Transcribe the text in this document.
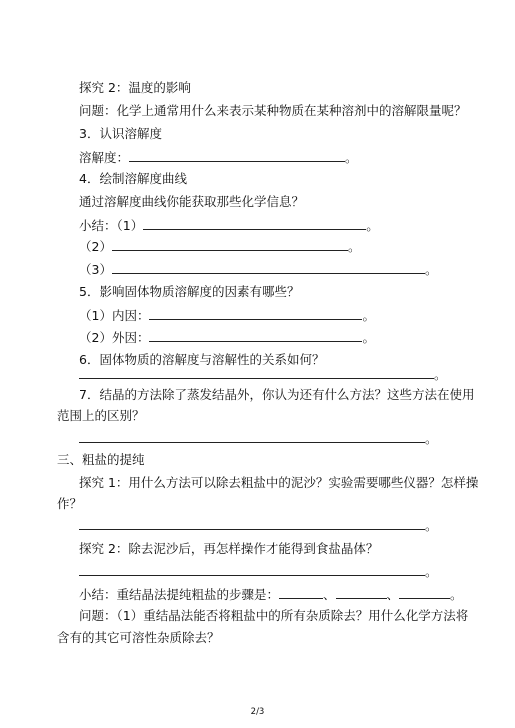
探究 2：温度的影响
问题：化学上通常用什么来表示某种物质在某种溶剂中的溶解限量呢？
3．认识溶解度
溶解度：	。
4．绘制溶解度曲线
通过溶解度曲线你能获取那些化学信息？
小结：（1）	。
（2）	。
（3）	。
5．影响固体物质溶解度的因素有哪些？
（1）内因：	。
（2）外因：	。
6．固体物质的溶解度与溶解性的关系如何？
。
7．结晶的方法除了蒸发结晶外，你认为还有什么方法？这些方法在使用
范围上的区别？
。
三、粗盐的提纯
探究 1：用什么方法可以除去粗盐中的泥沙？实验需要哪些仪器？怎样操
作？
。
探究 2：除去泥沙后，再怎样操作才能得到食盐晶体？
。
小结：重结晶法提纯粗盐的步骤是：	、	、	。
问题：（1）重结晶法能否将粗盐中的所有杂质除去？用什么化学方法将
含有的其它可溶性杂质除去？
2/3
